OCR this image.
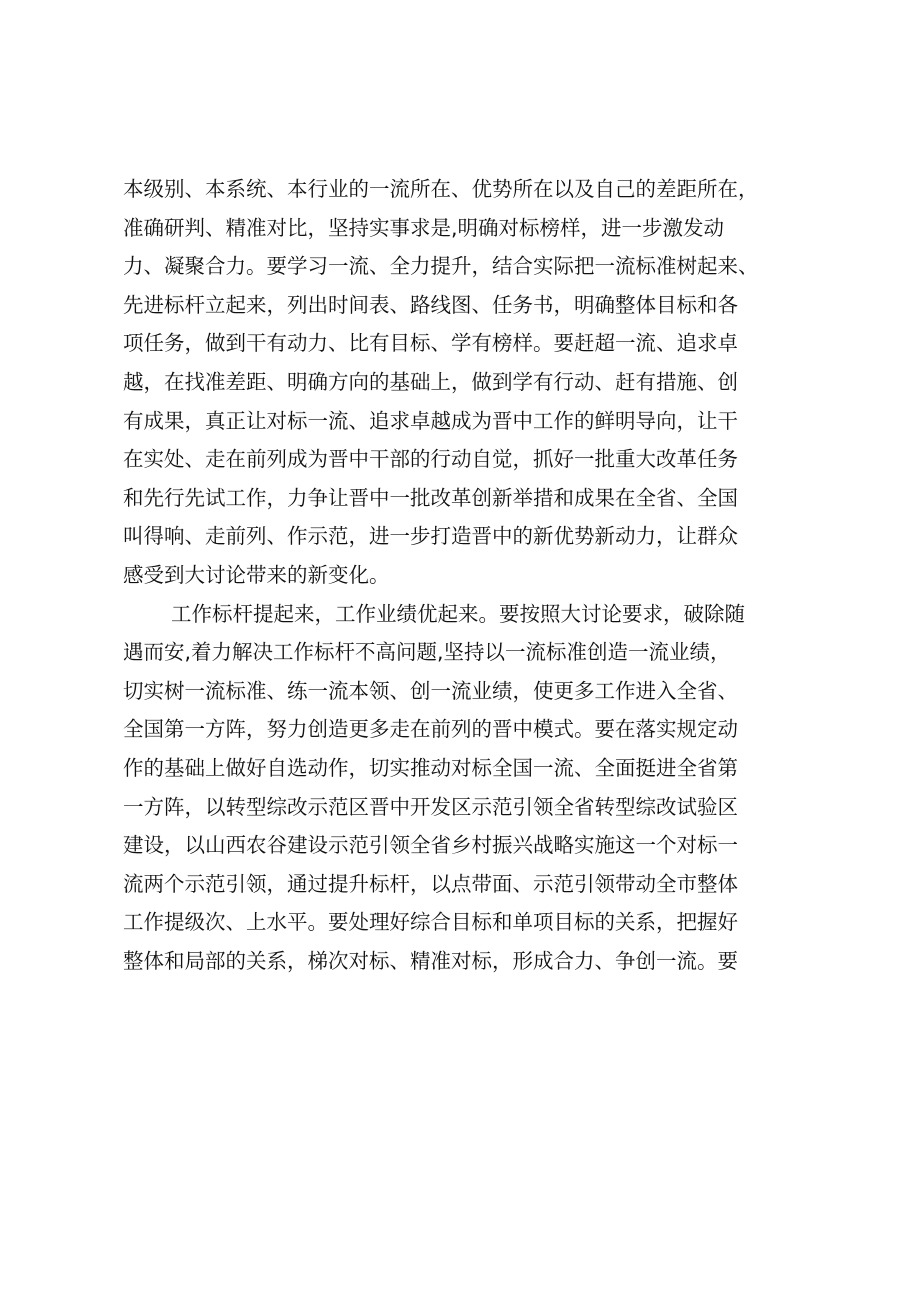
本级别、本系统、本行业的一流所在、优势所在以及自己的差距所在，
准确研判、精准对比，坚持实事求是,明确对标榜样，进一步激发动
力、凝聚合力。要学习一流、全力提升，结合实际把一流标准树起来、
先进标杆立起来，列出时间表、路线图、任务书，明确整体目标和各
项任务，做到干有动力、比有目标、学有榜样。要赶超一流、追求卓
越，在找准差距、明确方向的基础上，做到学有行动、赶有措施、创
有成果，真正让对标一流、追求卓越成为晋中工作的鲜明导向，让干
在实处、走在前列成为晋中干部的行动自觉，抓好一批重大改革任务
和先行先试工作，力争让晋中一批改革创新举措和成果在全省、全国
叫得响、走前列、作示范，进一步打造晋中的新优势新动力，让群众
感受到大讨论带来的新变化。
工作标杆提起来，工作业绩优起来。要按照大讨论要求，破除随
遇而安,着力解决工作标杆不高问题,坚持以一流标准创造一流业绩，
切实树一流标准、练一流本领、创一流业绩，使更多工作进入全省、
全国第一方阵，努力创造更多走在前列的晋中模式。要在落实规定动
作的基础上做好自选动作，切实推动对标全国一流、全面挺进全省第
一方阵，以转型综改示范区晋中开发区示范引领全省转型综改试验区
建设，以山西农谷建设示范引领全省乡村振兴战略实施这一个对标一
流两个示范引领，通过提升标杆，以点带面、示范引领带动全市整体
工作提级次、上水平。要处理好综合目标和单项目标的关系，把握好
整体和局部的关系，梯次对标、精准对标，形成合力、争创一流。要
